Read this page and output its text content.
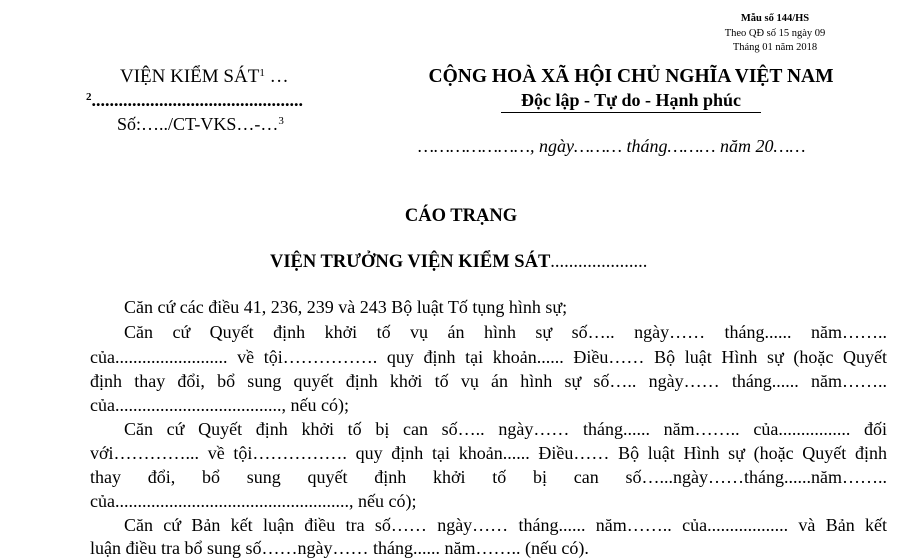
Mẫu số 144/HS
Theo QĐ số 15 ngày 09
Tháng 01 năm 2018
VIỆN KIỂM SÁT$^1$ …
$^2$...............................................
Số:…../CT-VKS…-…$^3$
CỘNG HOÀ XÃ HỘI CHỦ NGHĨA VIỆT NAM
Độc lập - Tự do - Hạnh phúc
…………………, ngày……… tháng……… năm 20……
CÁO TRẠNG
VIỆN TRƯỞNG VIỆN KIỂM SÁT.....................
Căn cứ các điều 41, 236, 239 và 243 Bộ luật Tố tụng hình sự;
Căn cứ Quyết định khởi tố vụ án hình sự số….. ngày…… tháng...... năm……..
của......................... về tội……………. quy định tại khoản...... Điều…… Bộ luật Hình sự (hoặc Quyết
định thay đổi, bổ sung quyết định khởi tố vụ án hình sự số….. ngày…… tháng...... năm……..
của....................................., nếu có);
Căn cứ Quyết định khởi tố bị can số….. ngày…… tháng...... năm…….. của................ đối
với…………... về tội……………. quy định tại khoản...... Điều…… Bộ luật Hình sự (hoặc Quyết định
thay đổi, bổ sung quyết định khởi tố bị can số…...ngày……tháng......năm……..
của...................................................., nếu có);
Căn cứ Bản kết luận điều tra số…… ngày…… tháng...... năm…….. của.................. và Bản kết
luận điều tra bổ sung số……ngày…… tháng...... năm…….. (nếu có).
